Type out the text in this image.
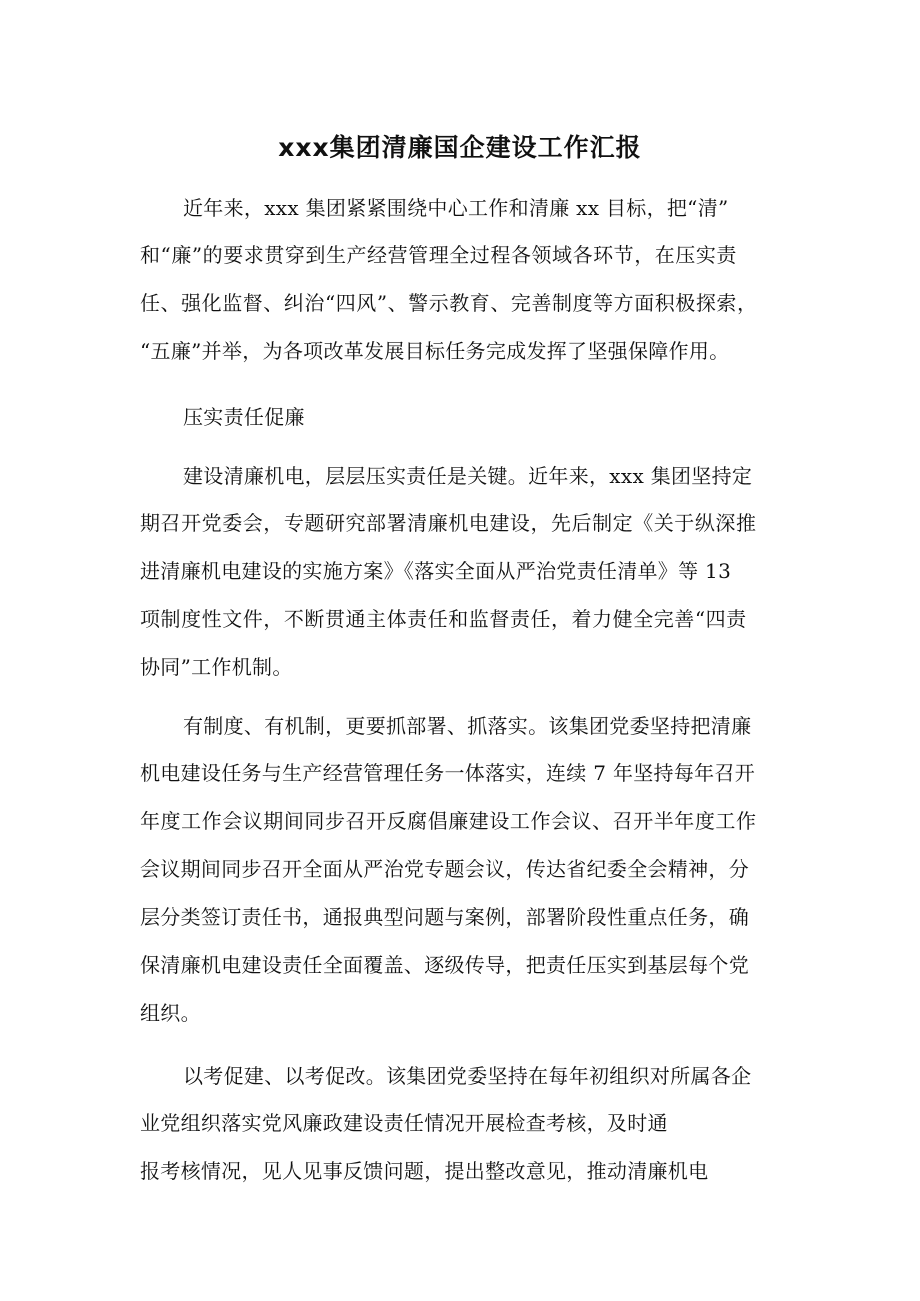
xxx集团清廉国企建设工作汇报
近年来，xxx 集团紧紧围绕中心工作和清廉 xx 目标，把“清”
和“廉”的要求贯穿到生产经营管理全过程各领域各环节，在压实责
任、强化监督、纠治“四风”、警示教育、完善制度等方面积极探索，
“五廉”并举，为各项改革发展目标任务完成发挥了坚强保障作用。
压实责任促廉
建设清廉机电，层层压实责任是关键。近年来，xxx 集团坚持定
期召开党委会，专题研究部署清廉机电建设，先后制定《关于纵深推
进清廉机电建设的实施方案》《落实全面从严治党责任清单》等 13
项制度性文件，不断贯通主体责任和监督责任，着力健全完善“四责
协同”工作机制。
有制度、有机制，更要抓部署、抓落实。该集团党委坚持把清廉
机电建设任务与生产经营管理任务一体落实，连续 7 年坚持每年召开
年度工作会议期间同步召开反腐倡廉建设工作会议、召开半年度工作
会议期间同步召开全面从严治党专题会议，传达省纪委全会精神，分
层分类签订责任书，通报典型问题与案例，部署阶段性重点任务，确
保清廉机电建设责任全面覆盖、逐级传导，把责任压实到基层每个党
组织。
以考促建、以考促改。该集团党委坚持在每年初组织对所属各企
业党组织落实党风廉政建设责任情况开展检查考核，及时通
报考核情况，见人见事反馈问题，提出整改意见，推动清廉机电
